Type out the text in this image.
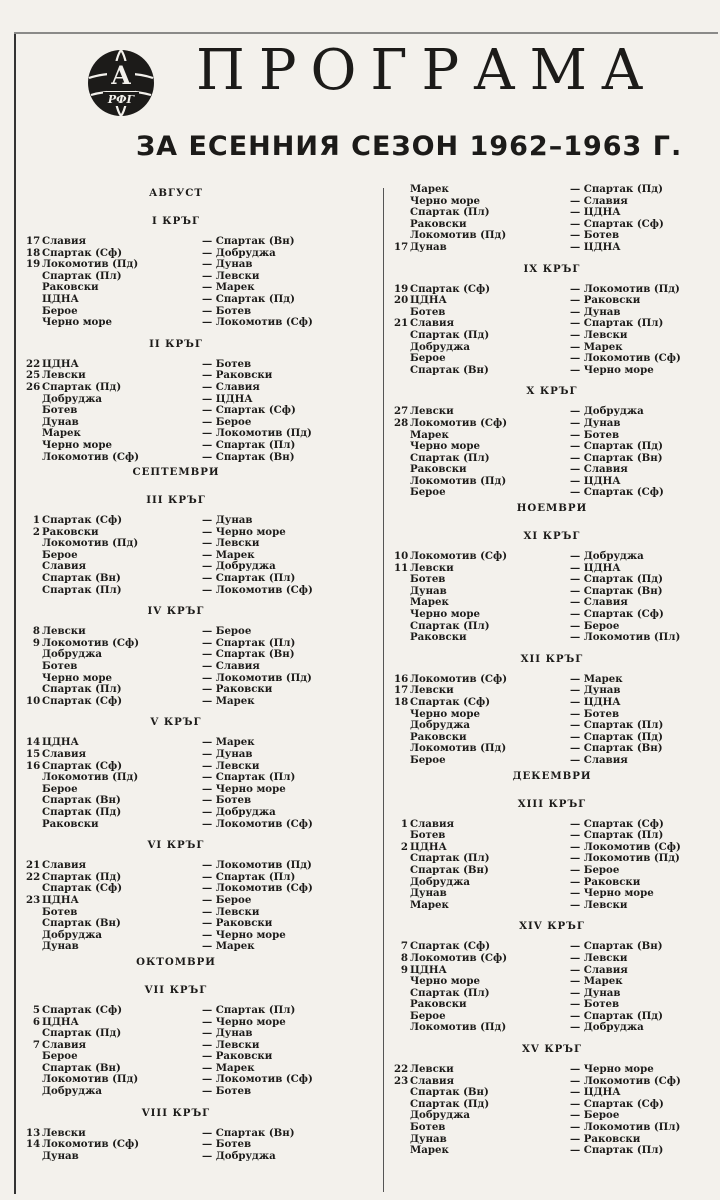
А
РФГ ПРОГРАМА
ЗА ЕСЕННИЯ СЕЗОН 1962–1963 Г.
АВГУСТ
I КРЪГ
17 Славия	— Спартак (Вн)
18 Спартак (Сф)	— Добруджа
19 Локомотив (Пд)	— Дунав
Спартак (Пл)	— Левски
Раковски	— Марек
ЦДНА	— Спартак (Пд)
Берое	— Ботев
Черно море	— Локомотив (Сф)
II КРЪГ
22 ЦДНА	— Ботев
25 Левски	— Раковски
26 Спартак (Пд)	— Славия
Добруджа	— ЦДНА
Ботев	— Спартак (Сф)
Дунав	— Берое
Марек	— Локомотив (Пд)
Черно море	— Спартак (Пл)
Локомотив (Сф)	— Спартак (Вн)
СЕПТЕМВРИ
III КРЪГ
1 Спартак (Сф)	— Дунав
2 Раковски	— Черно море
Локомотив (Пд)	— Левски
Берое	— Марек
Славия	— Добруджа
Спартак (Вн)	— Спартак (Пл)
Спартак (Пл)	— Локомотив (Сф)
IV КРЪГ
8 Левски	— Берое
9 Локомотив (Сф)	— Спартак (Пл)
Добруджа	— Спартак (Вн)
Ботев	— Славия
Черно море	— Локомотив (Пд)
Спартак (Пл)	— Раковски
10 Спартак (Сф)	— Марек
V КРЪГ
14 ЦДНА	— Марек
15 Славия	— Дунав
16 Спартак (Сф)	— Левски
Локомотив (Пд)	— Спартак (Пл)
Берое	— Черно море
Спартак (Вн)	— Ботев
Спартак (Пд)	— Добруджа
Раковски	— Локомотив (Сф)
VI КРЪГ
21 Славия	— Локомотив (Пд)
22 Спартак (Пд)	— Спартак (Пл)
Спартак (Сф)	— Локомотив (Сф)
23 ЦДНА	— Берое
Ботев	— Левски
Спартак (Вн)	— Раковски
Добруджа	— Черно море
Дунав	— Марек
ОКТОМВРИ
VII КРЪГ
5 Спартак (Сф)	— Спартак (Пл)
6 ЦДНА	— Черно море
Спартак (Пд)	— Дунав
7 Славия	— Левски
Берое	— Раковски
Спартак (Вн)	— Марек
Локомотив (Пд)	— Локомотив (Сф)
Добруджа	— Ботев
VIII КРЪГ
13 Левски	— Спартак (Вн)
14 Локомотив (Сф)	— Ботев
Дунав	— Добруджа
Марек	— Спартак (Пд)
Черно море	— Славия
Спартак (Пл)	— ЦДНА
Раковски	— Спартак (Сф)
Локомотив (Пд)	— Ботев
17 Дунав	— ЦДНА
IX КРЪГ
19 Спартак (Сф)	— Локомотив (Пд)
20 ЦДНА	— Раковски
Ботев	— Дунав
21 Славия	— Спартак (Пл)
Спартак (Пд)	— Левски
Добруджа	— Марек
Берое	— Локомотив (Сф)
Спартак (Вн)	— Черно море
X КРЪГ
27 Левски	— Добруджа
28 Локомотив (Сф)	— Дунав
Марек	— Ботев
Черно море	— Спартак (Пд)
Спартак (Пл)	— Спартак (Вн)
Раковски	— Славия
Локомотив (Пд)	— ЦДНА
Берое	— Спартак (Сф)
НОЕМВРИ
XI КРЪГ
10 Локомотив (Сф)	— Добруджа
11 Левски	— ЦДНА
Ботев	— Спартак (Пд)
Дунав	— Спартак (Вн)
Марек	— Славия
Черно море	— Спартак (Сф)
Спартак (Пл)	— Берое
Раковски	— Локомотив (Пл)
XII КРЪГ
16 Локомотив (Сф)	— Марек
17 Левски	— Дунав
18 Спартак (Сф)	— ЦДНА
Черно море	— Ботев
Добруджа	— Спартак (Пл)
Раковски	— Спартак (Пд)
Локомотив (Пд)	— Спартак (Вн)
Берое	— Славия
ДЕКЕМВРИ
XIII КРЪГ
1 Славия	— Спартак (Сф)
Ботев	— Спартак (Пл)
2 ЦДНА	— Локомотив (Сф)
Спартак (Пл)	— Локомотив (Пд)
Спартак (Вн)	— Берое
Добруджа	— Раковски
Дунав	— Черно море
Марек	— Левски
XIV КРЪГ
7 Спартак (Сф)	— Спартак (Вн)
8 Локомотив (Сф)	— Левски
9 ЦДНА	— Славия
Черно море	— Марек
Спартак (Пл)	— Дунав
Раковски	— Ботев
Берое	— Спартак (Пд)
Локомотив (Пд)	— Добруджа
XV КРЪГ
22 Левски	— Черно море
23 Славия	— Локомотив (Сф)
Спартак (Вн)	— ЦДНА
Спартак (Пд)	— Спартак (Сф)
Добруджа	— Берое
Ботев	— Локомотив (Пл)
Дунав	— Раковски
Марек	— Спартак (Пл)
